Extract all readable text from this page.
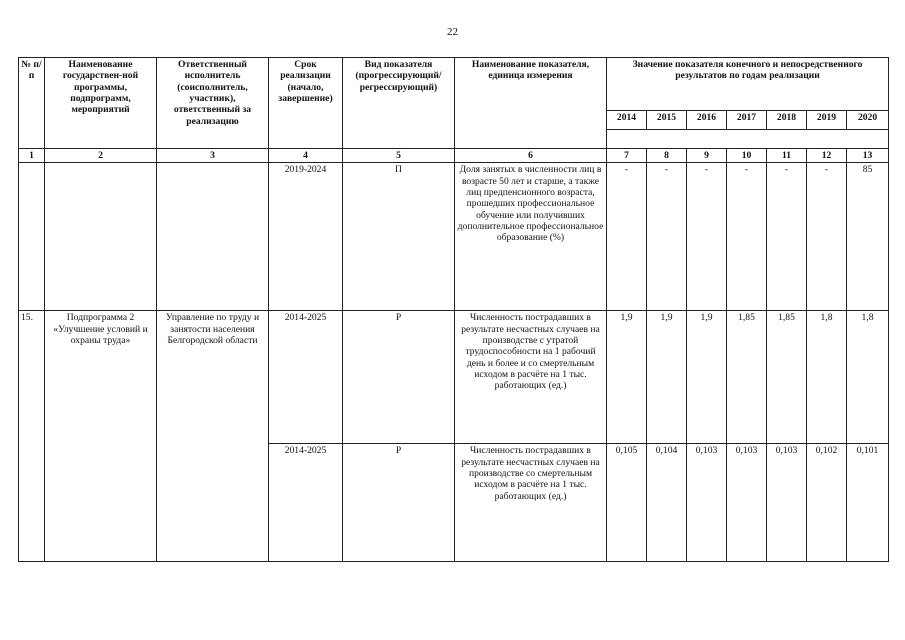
22
№ п/п	Наименование государствен-ной программы, подпрограмм, мероприятий	Ответственный исполнитель (соисполнитель, участник), ответственный за реализацию	Срок реализации (начало, завершение)	Вид показателя (прогрессирующий/ регрессирующий)	Наименование показателя, единица измерения	Значение показателя конечного и непосредственного результатов по годам реализации						
						2014	2015	2016	2017	2018	2019	2020

1	2	3	4	5	6	7	8	9	10	11	12	13
			2019-2024	П	Доля занятых в численности лиц в возрасте 50 лет и старше, а также лиц предпенсионного возраста, прошедших профессиональное обучение или получивших дополнительное профессиональное образование (%)	-	-	-	-	-	-	85
15.	Подпрограмма 2 «Улучшение условий и охраны труда»	Управление по труду и занятости населения Белгородской области	2014-2025	Р	Численность пострадавших в результате несчастных случаев на производстве с утратой трудоспособности на 1 рабочий день и более и со смертельным исходом в расчёте на 1 тыс. работающих (ед.)	1,9	1,9	1,9	1,85	1,85	1,8	1,8
			2014-2025	Р	Численность пострадавших в результате несчастных случаев на производстве со смертельным исходом в расчёте на 1 тыс. работающих (ед.)	0,105	0,104	0,103	0,103	0,103	0,102	0,101
